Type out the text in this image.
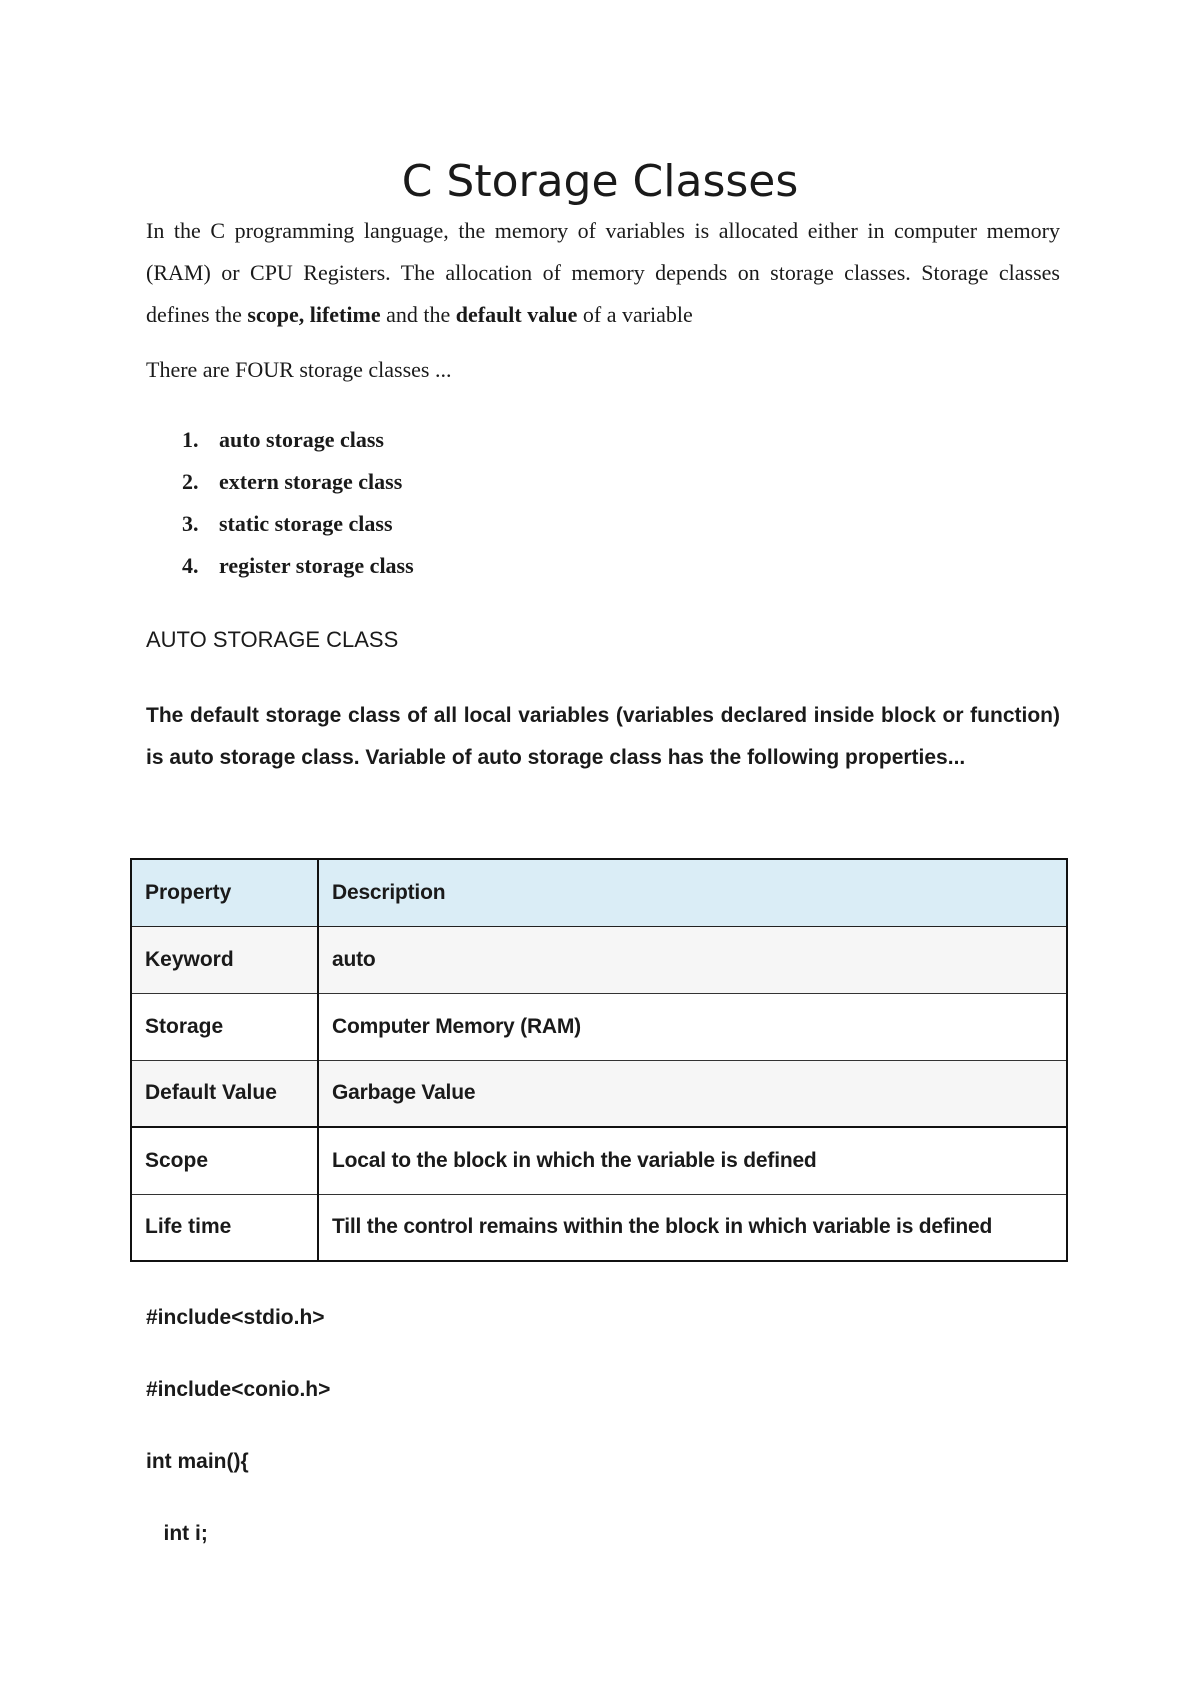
C Storage Classes

In the C programming language, the memory of variables is allocated either in computer memory (RAM) or CPU Registers. The allocation of memory depends on storage classes. Storage classes defines the scope, lifetime and the default value of a variable

There are FOUR storage classes ...

1. auto storage class
2. extern storage class
3. static storage class
4. register storage class
AUTO STORAGE CLASS

The default storage class of all local variables (variables declared inside block or function) is auto storage class. Variable of auto storage class has the following properties...

Property	Description
Keyword	auto
Storage	Computer Memory (RAM)
Default Value	Garbage Value
Scope	Local to the block in which the variable is defined
Life time	Till the control remains within the block in which variable is defined
#include<stdio.h>
#include<conio.h>
int main(){
int i;
